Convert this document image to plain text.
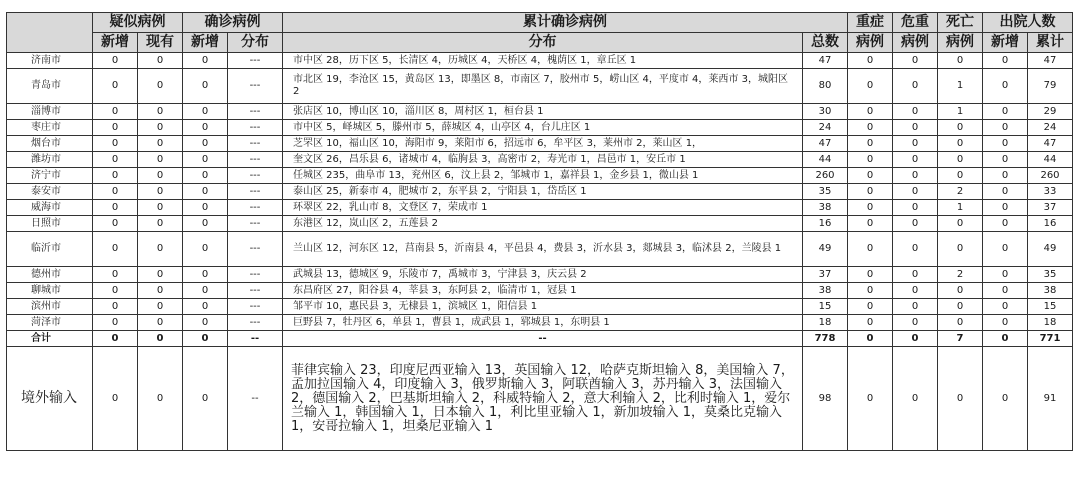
	疑似病例		确诊病例		累计确诊病例		重症	危重	死亡	出院人数	
	新增	现有	新增	分布	分布	总数	病例	病例	病例	新增	累计
济南市	0	0	0	---	市中区 28，历下区 5，长清区 4，历城区 4，天桥区 4，槐荫区 1，章丘区 1	47	0	0	0	0	47
青岛市	0	0	0	---	市北区 19，李沧区 15，黄岛区 13，即墨区 8，市南区 7，胶州市 5，崂山区 4，平度市 4，莱西市 3，城阳区 2	80	0	0	1	0	79
淄博市	0	0	0	---	张店区 10，博山区 10，淄川区 8，周村区 1，桓台县 1	30	0	0	1	0	29
枣庄市	0	0	0	---	市中区 5，峄城区 5，滕州市 5，薛城区 4，山亭区 4，台儿庄区 1	24	0	0	0	0	24
烟台市	0	0	0	---	芝罘区 10，福山区 10，海阳市 9，莱阳市 6，招远市 6，牟平区 3，莱州市 2，莱山区 1，	47	0	0	0	0	47
潍坊市	0	0	0	---	奎文区 26，昌乐县 6，诸城市 4，临朐县 3，高密市 2，寿光市 1，昌邑市 1，安丘市 1	44	0	0	0	0	44
济宁市	0	0	0	---	任城区 235，曲阜市 13，兖州区 6，汶上县 2，邹城市 1，嘉祥县 1，金乡县 1，微山县 1	260	0	0	0	0	260
泰安市	0	0	0	---	泰山区 25，新泰市 4，肥城市 2，东平县 2，宁阳县 1，岱岳区 1	35	0	0	2	0	33
威海市	0	0	0	---	环翠区 22，乳山市 8，文登区 7，荣成市 1	38	0	0	1	0	37
日照市	0	0	0	---	东港区 12，岚山区 2，五莲县 2	16	0	0	0	0	16
临沂市	0	0	0	---	兰山区 12，河东区 12，莒南县 5，沂南县 4，平邑县 4，费县 3，沂水县 3，郯城县 3，临沭县 2，兰陵县 1	49	0	0	0	0	49
德州市	0	0	0	---	武城县 13，德城区 9，乐陵市 7，禹城市 3，宁津县 3，庆云县 2	37	0	0	2	0	35
聊城市	0	0	0	---	东昌府区 27，阳谷县 4，莘县 3，东阿县 2，临清市 1，冠县 1	38	0	0	0	0	38
滨州市	0	0	0	---	邹平市 10，惠民县 3，无棣县 1，滨城区 1，阳信县 1	15	0	0	0	0	15
菏泽市	0	0	0	---	巨野县 7，牡丹区 6，单县 1，曹县 1，成武县 1，郓城县 1，东明县 1	18	0	0	0	0	18
合计	0	0	0	--	--	778	0	0	7	0	771
境外输入	0	0	0	--	菲律宾输入 23，印度尼西亚输入 13，英国输入 12，哈萨克斯坦输入 8，美国输入 7，孟加拉国输入 4，印度输入 3，俄罗斯输入 3，阿联酋输入 3，苏丹输入 3，法国输入 2，德国输入 2，巴基斯坦输入 2，科威特输入 2，意大利输入 2，比利时输入 1，爱尔兰输入 1，韩国输入 1，日本输入 1，利比里亚输入 1，新加坡输入 1，莫桑比克输入 1，安哥拉输入 1，坦桑尼亚输入 1	98	0	0	0	0	91
